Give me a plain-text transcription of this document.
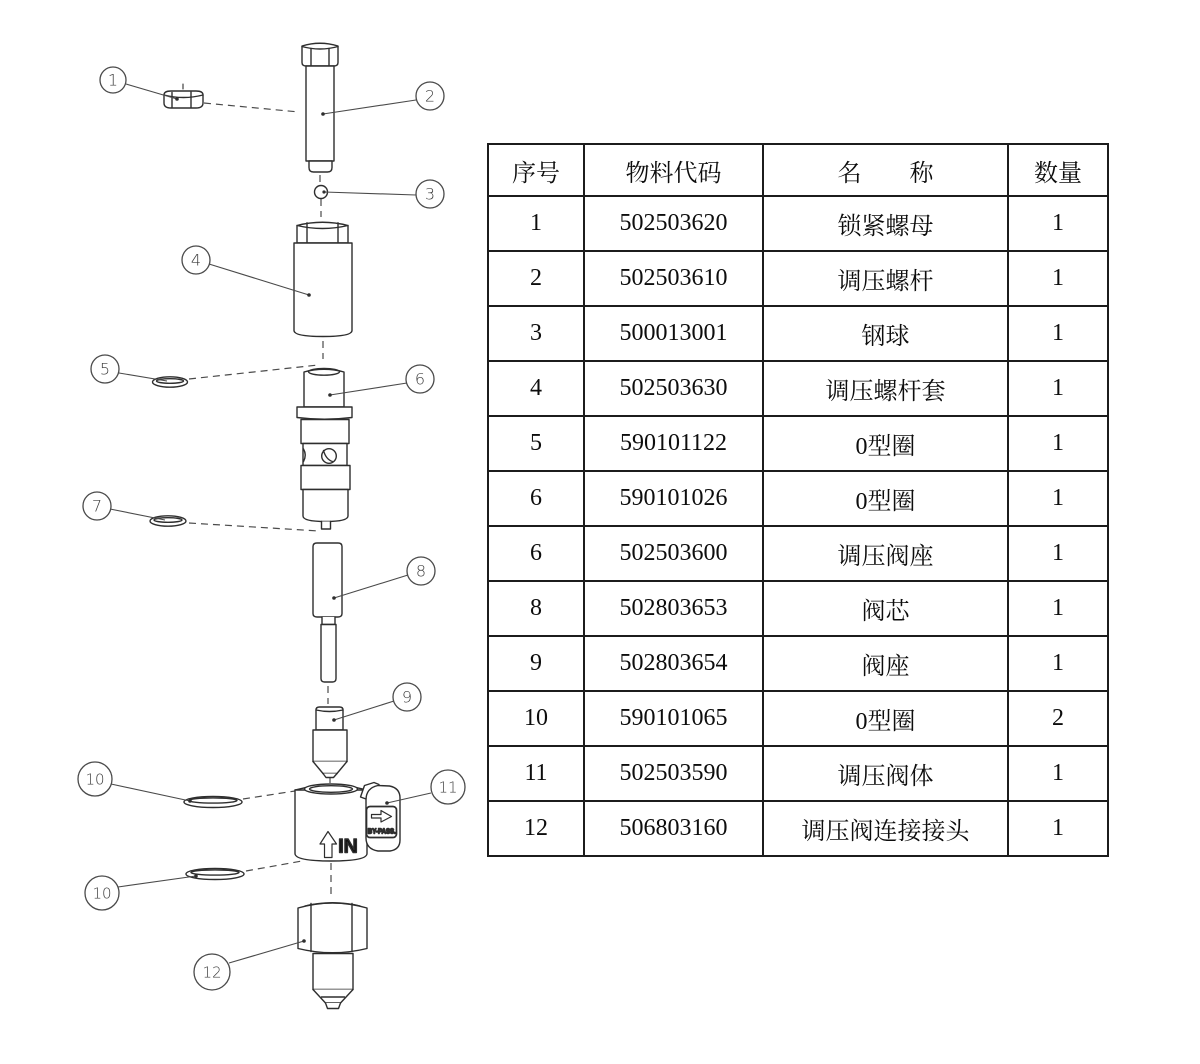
BY-PASS.
IN
1
2
3
4
5
6
7
8
9
10	11
10
12
序号	物料代码	名　　称	数量
1	502503620	锁紧螺母	1
2	502503610	调压螺杆	1
3	500013001	钢球	1
4	502503630	调压螺杆套	1
5	590101122	0型圈	1
6	590101026	0型圈	1
6	502503600	调压阀座	1
8	502803653	阀芯	1
9	502803654	阀座	1
10	590101065	0型圈	2
11	502503590	调压阀体	1
12	506803160	调压阀连接接头	1
